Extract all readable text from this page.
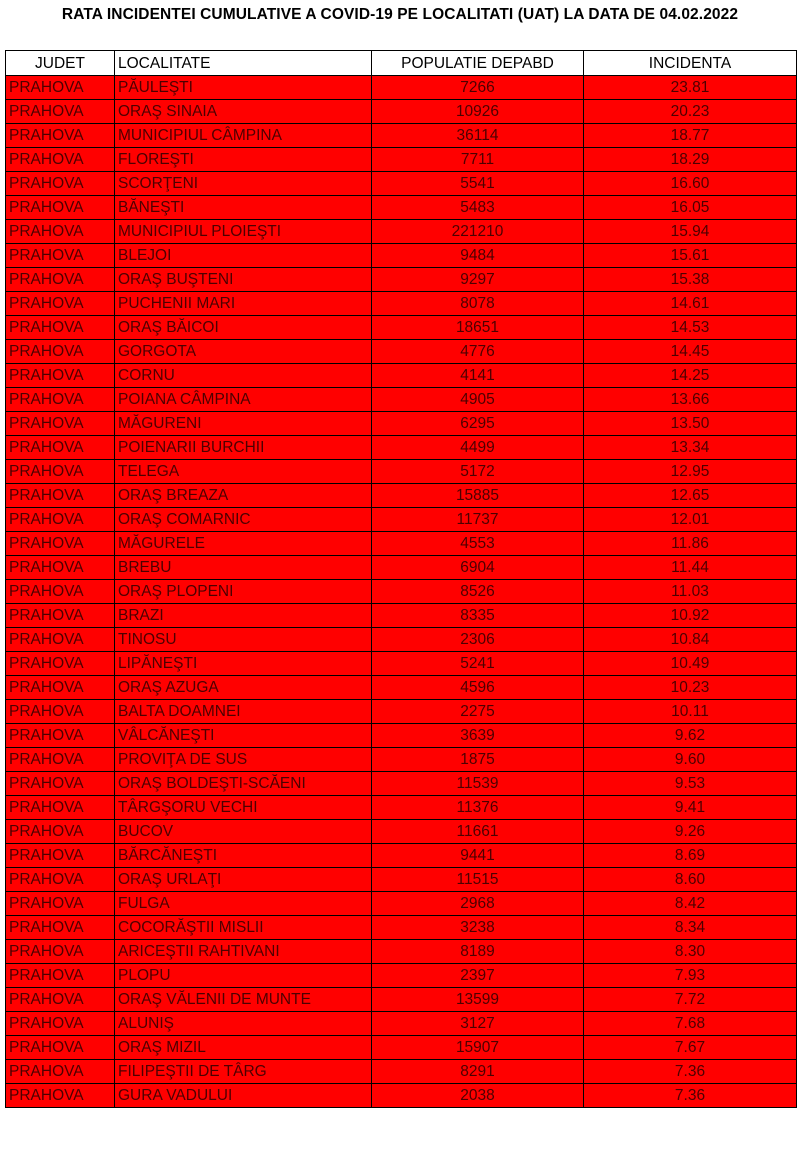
RATA INCIDENTEI CUMULATIVE A COVID-19 PE LOCALITATI (UAT) LA DATA DE 04.02.2022
JUDET	LOCALITATE	POPULATIE DEPABD	INCIDENTA
PRAHOVA	PĂULEŞTI	7266	23.81
PRAHOVA	ORAŞ SINAIA	10926	20.23
PRAHOVA	MUNICIPIUL CÂMPINA	36114	18.77
PRAHOVA	FLOREŞTI	7711	18.29
PRAHOVA	SCORŢENI	5541	16.60
PRAHOVA	BĂNEŞTI	5483	16.05
PRAHOVA	MUNICIPIUL PLOIEŞTI	221210	15.94
PRAHOVA	BLEJOI	9484	15.61
PRAHOVA	ORAŞ BUŞTENI	9297	15.38
PRAHOVA	PUCHENII MARI	8078	14.61
PRAHOVA	ORAŞ BĂICOI	18651	14.53
PRAHOVA	GORGOTA	4776	14.45
PRAHOVA	CORNU	4141	14.25
PRAHOVA	POIANA CÂMPINA	4905	13.66
PRAHOVA	MĂGURENI	6295	13.50
PRAHOVA	POIENARII BURCHII	4499	13.34
PRAHOVA	TELEGA	5172	12.95
PRAHOVA	ORAŞ BREAZA	15885	12.65
PRAHOVA	ORAŞ COMARNIC	11737	12.01
PRAHOVA	MĂGURELE	4553	11.86
PRAHOVA	BREBU	6904	11.44
PRAHOVA	ORAŞ PLOPENI	8526	11.03
PRAHOVA	BRAZI	8335	10.92
PRAHOVA	TINOSU	2306	10.84
PRAHOVA	LIPĂNEŞTI	5241	10.49
PRAHOVA	ORAŞ AZUGA	4596	10.23
PRAHOVA	BALTA DOAMNEI	2275	10.11
PRAHOVA	VÂLCĂNEŞTI	3639	9.62
PRAHOVA	PROVIŢA DE SUS	1875	9.60
PRAHOVA	ORAŞ BOLDEŞTI-SCĂENI	11539	9.53
PRAHOVA	TÂRGŞORU VECHI	11376	9.41
PRAHOVA	BUCOV	11661	9.26
PRAHOVA	BĂRCĂNEŞTI	9441	8.69
PRAHOVA	ORAŞ URLAŢI	11515	8.60
PRAHOVA	FULGA	2968	8.42
PRAHOVA	COCORĂŞTII MISLII	3238	8.34
PRAHOVA	ARICEŞTII RAHTIVANI	8189	8.30
PRAHOVA	PLOPU	2397	7.93
PRAHOVA	ORAŞ VĂLENII DE MUNTE	13599	7.72
PRAHOVA	ALUNIŞ	3127	7.68
PRAHOVA	ORAŞ MIZIL	15907	7.67
PRAHOVA	FILIPEŞTII DE TÂRG	8291	7.36
PRAHOVA	GURA VADULUI	2038	7.36
